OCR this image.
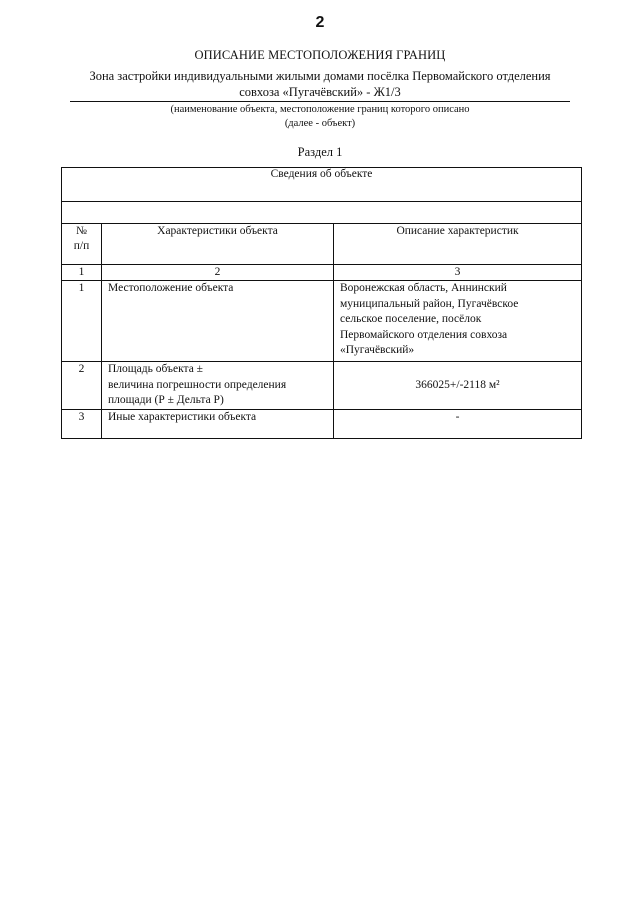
2
ОПИСАНИЕ МЕСТОПОЛОЖЕНИЯ ГРАНИЦ
Зона застройки индивидуальными жилыми домами посёлка Первомайского отделения
совхоза «Пугачёвский» - Ж1/3
(наименование объекта, местоположение границ которого описано
(далее - объект)
Раздел 1
Сведения об объекте		

№
п/п	Характеристики объекта	Описание характеристик
1	2	3
1	Местоположение объекта	Воронежская область, Аннинский
муниципальный район, Пугачёвское
сельское поселение, посёлок
Первомайского отделения совхоза
«Пугачёвский»
2	Площадь объекта ±
величина погрешности определения
площади (Р ± Дельта Р)	366025+/-2118 м²
3	Иные характеристики объекта	-
